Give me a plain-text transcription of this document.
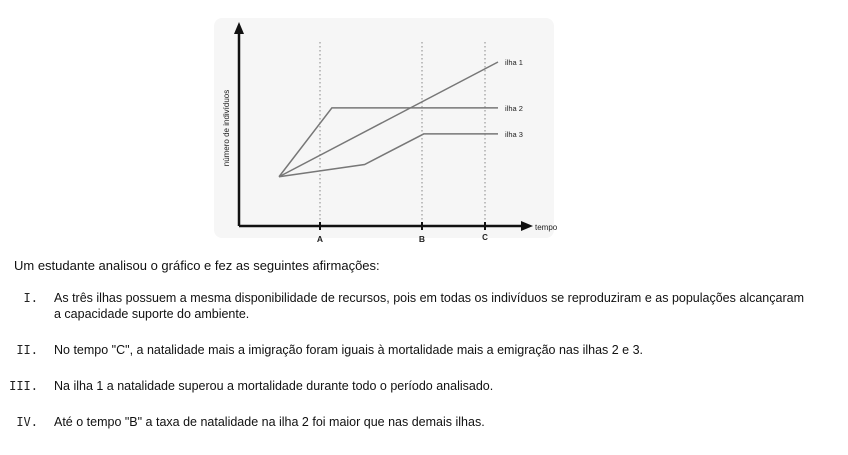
A	B	C
tempo
número de indivíduos
ilha 1
ilha 2
ilha 3
Um estudante analisou o gráfico e fez as seguintes afirmações:
I. As três ilhas possuem a mesma disponibilidade de recursos, pois em todas os indivíduos se reproduziram e as populações alcançaram a capacidade suporte do ambiente.
II. No tempo "C", a natalidade mais a imigração foram iguais à mortalidade mais a emigração nas ilhas 2 e 3.
III. Na ilha 1 a natalidade superou a mortalidade durante todo o período analisado.
IV. Até o tempo "B" a taxa de natalidade na ilha 2 foi maior que nas demais ilhas.
